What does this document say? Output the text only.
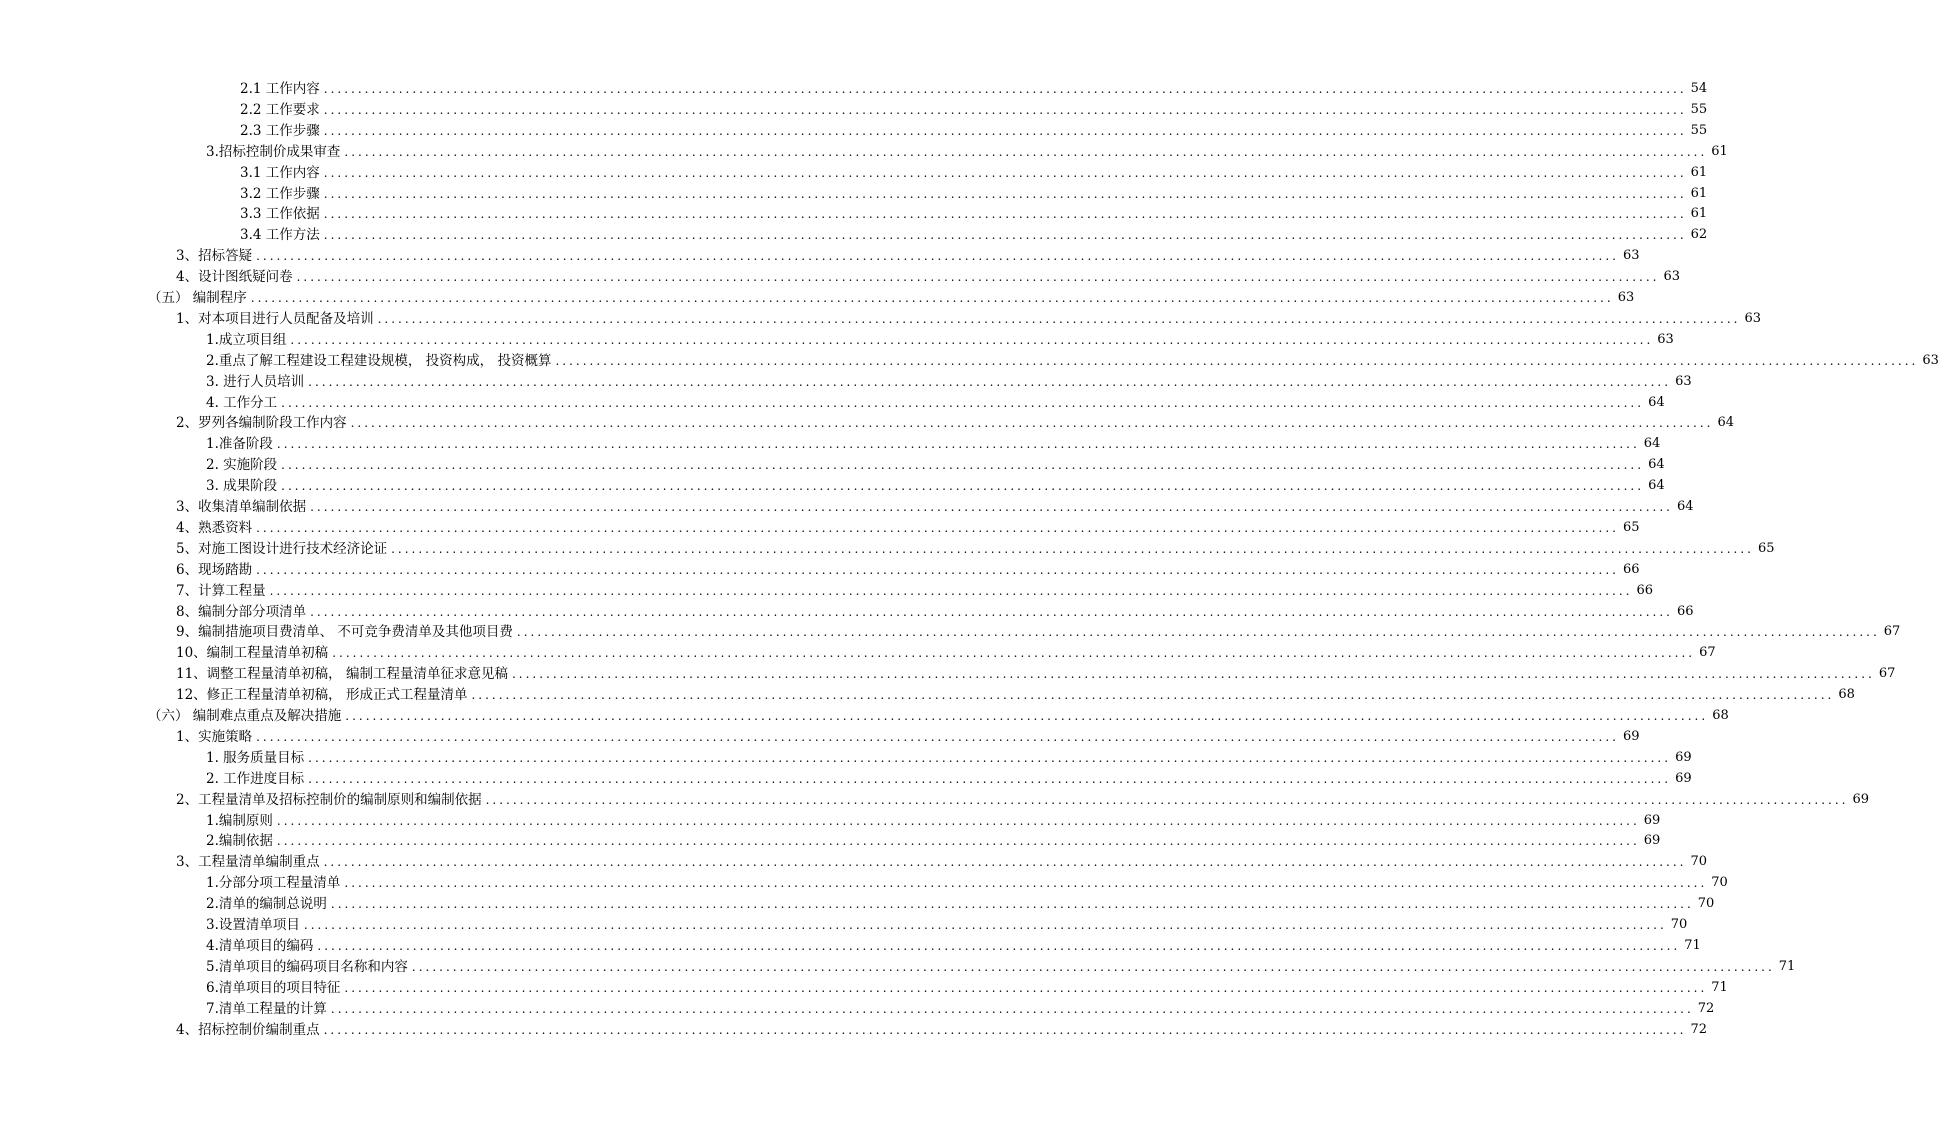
2.1 工作内容 ........................................................................................................................................................................................................ 54
2.2 工作要求 ........................................................................................................................................................................................................ 55
2.3 工作步骤 ........................................................................................................................................................................................................ 55
3.招标控制价成果审查 ........................................................................................................................................................................................................ 61
3.1 工作内容 ........................................................................................................................................................................................................ 61
3.2 工作步骤 ........................................................................................................................................................................................................ 61
3.3 工作依据 ........................................................................................................................................................................................................ 61
3.4 工作方法 ........................................................................................................................................................................................................ 62
3、招标答疑 ........................................................................................................................................................................................................ 63
4、设计图纸疑问卷 ........................................................................................................................................................................................................ 63
（五） 编制程序 ........................................................................................................................................................................................................ 63
1、对本项目进行人员配备及培训 ........................................................................................................................................................................................................ 63
1.成立项目组 ........................................................................................................................................................................................................ 63
2.重点了解工程建设工程建设规模， 投资构成， 投资概算 ........................................................................................................................................................................................................ 63
3. 进行人员培训 ........................................................................................................................................................................................................ 63
4. 工作分工 ........................................................................................................................................................................................................ 64
2、罗列各编制阶段工作内容 ........................................................................................................................................................................................................ 64
1.准备阶段 ........................................................................................................................................................................................................ 64
2. 实施阶段 ........................................................................................................................................................................................................ 64
3. 成果阶段 ........................................................................................................................................................................................................ 64
3、收集清单编制依据 ........................................................................................................................................................................................................ 64
4、熟悉资料 ........................................................................................................................................................................................................ 65
5、对施工图设计进行技术经济论证 ........................................................................................................................................................................................................ 65
6、现场踏勘 ........................................................................................................................................................................................................ 66
7、计算工程量 ........................................................................................................................................................................................................ 66
8、编制分部分项清单 ........................................................................................................................................................................................................ 66
9、编制措施项目费清单、 不可竞争费清单及其他项目费 ........................................................................................................................................................................................................ 67
10、编制工程量清单初稿 ........................................................................................................................................................................................................ 67
11、调整工程量清单初稿， 编制工程量清单征求意见稿 ........................................................................................................................................................................................................ 67
12、修正工程量清单初稿， 形成正式工程量清单 ........................................................................................................................................................................................................ 68
（六） 编制难点重点及解决措施 ........................................................................................................................................................................................................ 68
1、实施策略 ........................................................................................................................................................................................................ 69
1. 服务质量目标 ........................................................................................................................................................................................................ 69
2. 工作进度目标 ........................................................................................................................................................................................................ 69
2、工程量清单及招标控制价的编制原则和编制依据 ........................................................................................................................................................................................................ 69
1.编制原则 ........................................................................................................................................................................................................ 69
2.编制依据 ........................................................................................................................................................................................................ 69
3、工程量清单编制重点 ........................................................................................................................................................................................................ 70
1.分部分项工程量清单 ........................................................................................................................................................................................................ 70
2.清单的编制总说明 ........................................................................................................................................................................................................ 70
3.设置清单项目 ........................................................................................................................................................................................................ 70
4.清单项目的编码 ........................................................................................................................................................................................................ 71
5.清单项目的编码项目名称和内容 ........................................................................................................................................................................................................ 71
6.清单项目的项目特征 ........................................................................................................................................................................................................ 71
7.清单工程量的计算 ........................................................................................................................................................................................................ 72
4、招标控制价编制重点 ........................................................................................................................................................................................................ 72
